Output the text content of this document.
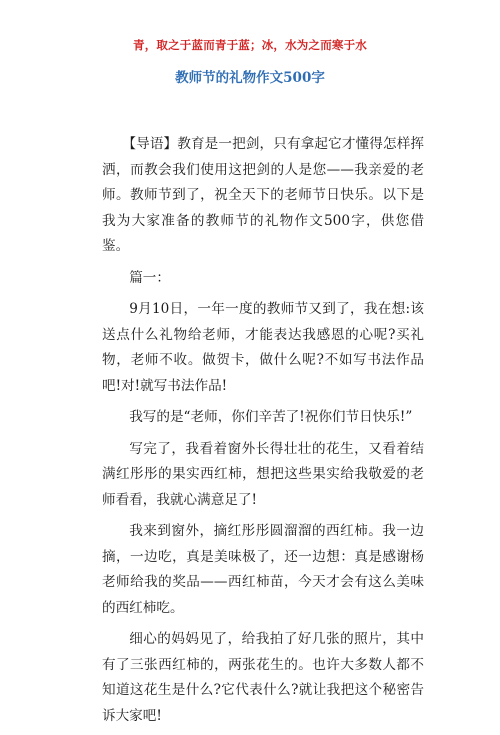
青，取之于蓝而青于蓝；冰，水为之而寒于水
教师节的礼物作文500字

【导语】教育是一把剑，只有拿起它才懂得怎样挥洒，而教会我们使用这把剑的人是您——我亲爱的老师。教师节到了，祝全天下的老师节日快乐。以下是我为大家准备的教师节的礼物作文500字，供您借鉴。

篇一：

9月10日，一年一度的教师节又到了，我在想:该送点什么礼物给老师，才能表达我感恩的心呢?买礼物，老师不收。做贺卡，做什么呢?不如写书法作品吧!对!就写书法作品!

我写的是“老师，你们辛苦了!祝你们节日快乐!”

写完了，我看着窗外长得壮壮的花生，又看着结满红彤彤的果实西红柿，想把这些果实给我敬爱的老师看看，我就心满意足了!

我来到窗外，摘红彤彤圆溜溜的西红柿。我一边摘，一边吃，真是美味极了，还一边想：真是感谢杨老师给我的奖品——西红柿苗，今天才会有这么美味的西红柿吃。

细心的妈妈见了，给我拍了好几张的照片，其中有了三张西红柿的，两张花生的。也许大多数人都不知道这花生是什么?它代表什么?就让我把这个秘密告诉大家吧!
